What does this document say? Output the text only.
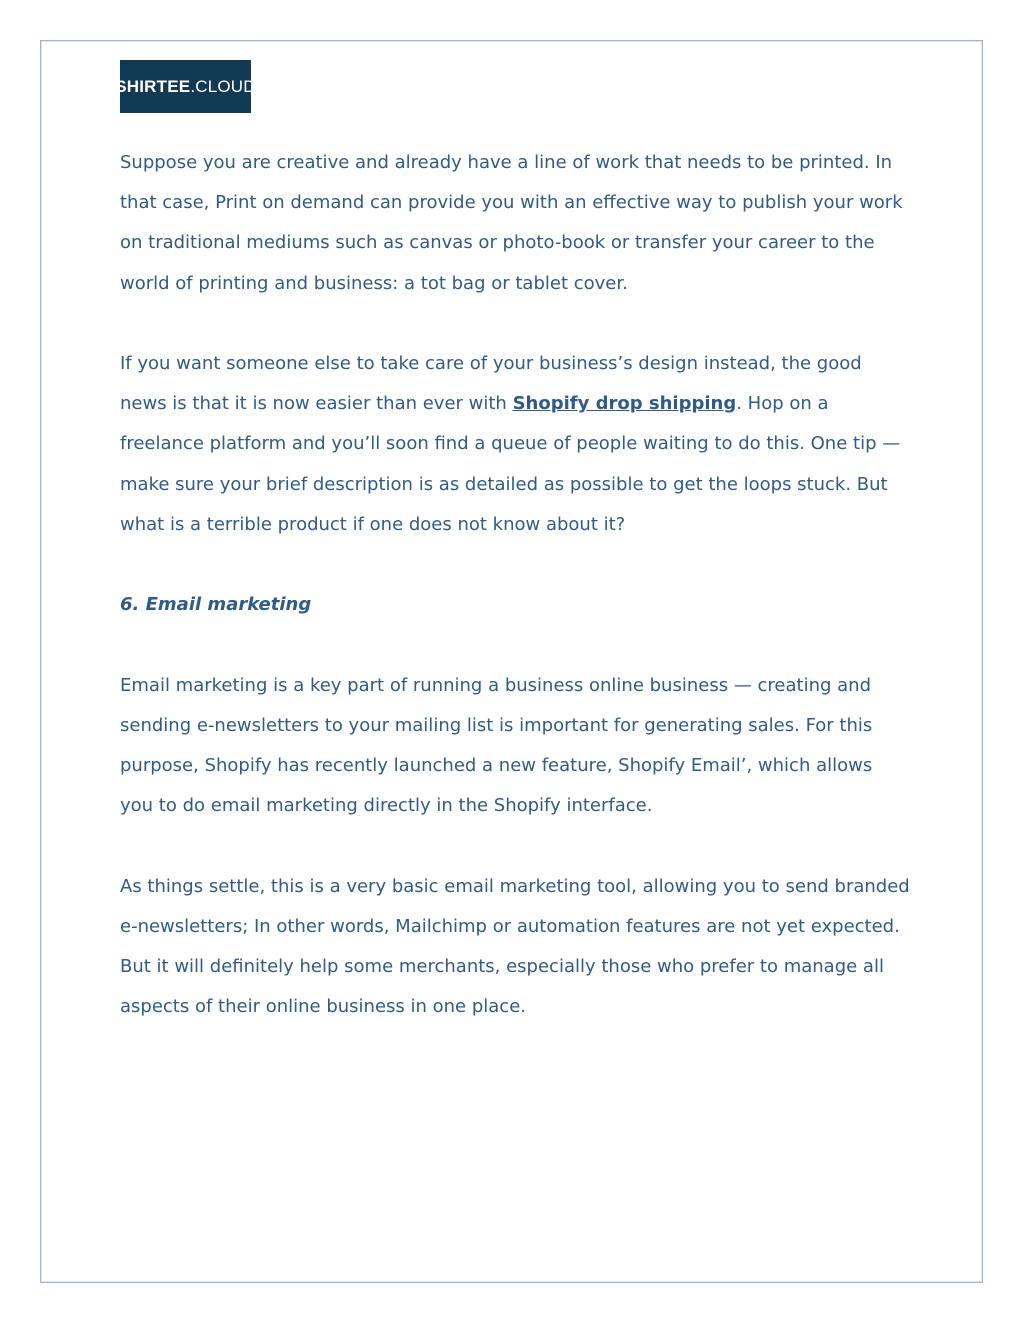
SHIR T EE .CLOUD

Suppose you are creative and already have a line of work that needs to be printed. In that case, Print on demand can provide you with an effective way to publish your work on traditional mediums such as canvas or photo-book or transfer your career to the world of printing and business: a tot bag or tablet cover.

If you want someone else to take care of your business’s design instead, the good news is that it is now easier than ever with Shopify drop shipping. Hop on a freelance platform and you’ll soon find a queue of people waiting to do this. One tip — make sure your brief description is as detailed as possible to get the loops stuck. But what is a terrible product if one does not know about it?

6. Email marketing

Email marketing is a key part of running a business online business — creating and sending e-newsletters to your mailing list is important for generating sales. For this purpose, Shopify has recently launched a new feature, Shopify Email’, which allows you to do email marketing directly in the Shopify interface.

As things settle, this is a very basic email marketing tool, allowing you to send branded e-newsletters; In other words, Mailchimp or automation features are not yet expected. But it will definitely help some merchants, especially those who prefer to manage all aspects of their online business in one place.
